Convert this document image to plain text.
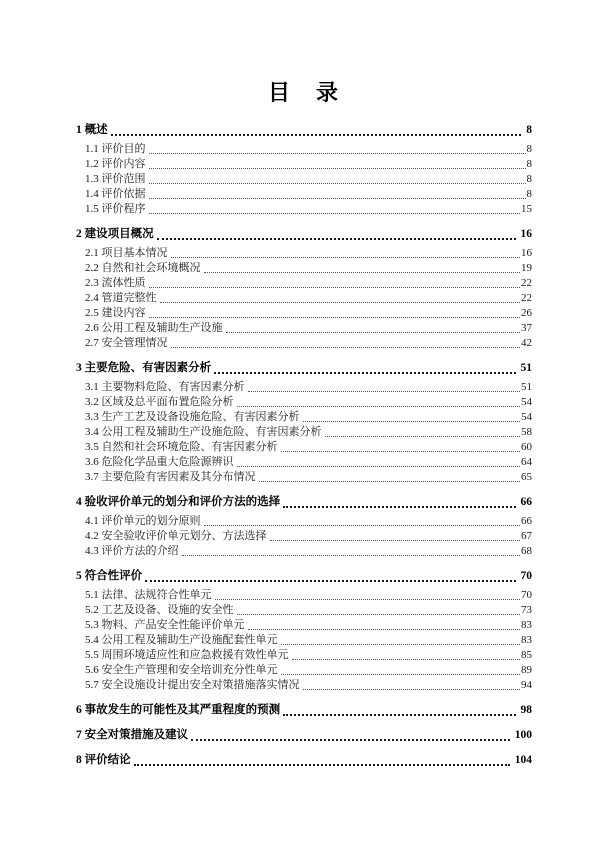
目　录
1 概述	8
1.1 评价目的	8
1.2 评价内容	8
1.3 评价范围	8
1.4 评价依据	8
1.5 评价程序	15
2 建设项目概况	16
2.1 项目基本情况	16
2.2 自然和社会环境概况	19
2.3 流体性质	22
2.4 管道完整性	22
2.5 建设内容	26
2.6 公用工程及辅助生产设施	37
2.7 安全管理情况	42
3 主要危险、有害因素分析	51
3.1 主要物料危险、有害因素分析	51
3.2 区域及总平面布置危险分析	54
3.3 生产工艺及设备设施危险、有害因素分析	54
3.4 公用工程及辅助生产设施危险、有害因素分析	58
3.5 自然和社会环境危险、有害因素分析	60
3.6 危险化学品重大危险源辨识	64
3.7 主要危险有害因素及其分布情况	65
4 验收评价单元的划分和评价方法的选择	66
4.1 评价单元的划分原则	66
4.2 安全验收评价单元划分、方法选择	67
4.3 评价方法的介绍	68
5 符合性评价	70
5.1 法律、法规符合性单元	70
5.2 工艺及设备、设施的安全性	73
5.3 物料、产品安全性能评价单元	83
5.4 公用工程及辅助生产设施配套性单元	83
5.5 周围环境适应性和应急救援有效性单元	85
5.6 安全生产管理和安全培训充分性单元	89
5.7 安全设施设计提出安全对策措施落实情况	94
6 事故发生的可能性及其严重程度的预测	98
7 安全对策措施及建议	100
8 评价结论	104
